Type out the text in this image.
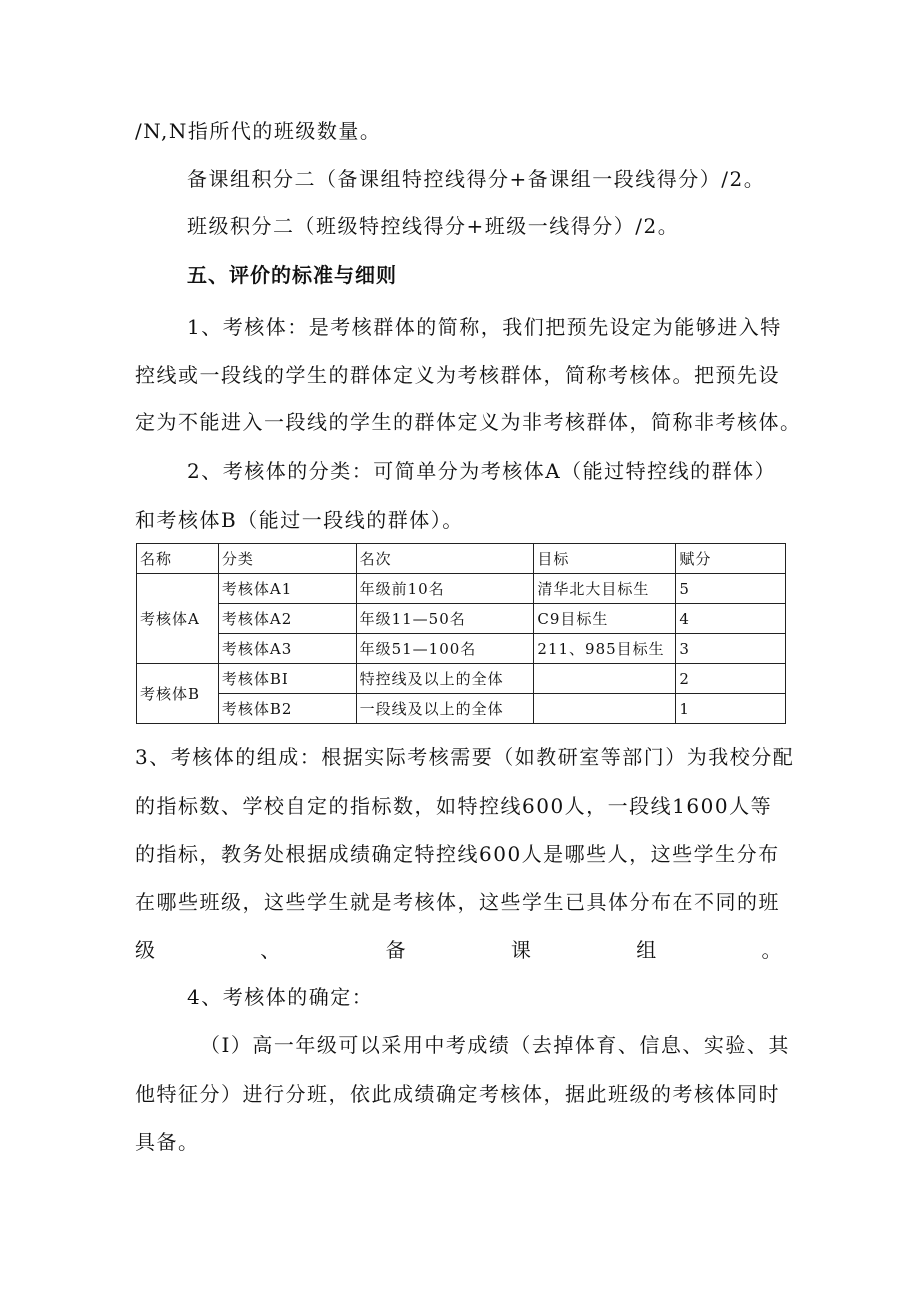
/N,N指所代的班级数量。
备课组积分二（备课组特控线得分+备课组一段线得分）/2。
班级积分二（班级特控线得分+班级一线得分）/2。
五、评价的标准与细则
1、考核体：是考核群体的简称，我们把预先设定为能够进入特
控线或一段线的学生的群体定义为考核群体，简称考核体。把预先设
定为不能进入一段线的学生的群体定义为非考核群体，简称非考核体。
2、考核体的分类：可简单分为考核体A（能过特控线的群体）
和考核体B（能过一段线的群体）。
名称	分类	名次	目标	赋分
考核体A	考核体A1	年级前10名	清华北大目标生	5
	考核体A2	年级11—50名	C9目标生	4
	考核体A3	年级51—100名	211、985目标生	3
考核体B	考核体BI	特控线及以上的全体		2
	考核体B2	一段线及以上的全体		1
3、考核体的组成：根据实际考核需要（如教研室等部门）为我校分配
的指标数、学校自定的指标数，如特控线600人，一段线1600人等
的指标，教务处根据成绩确定特控线600人是哪些人，这些学生分布
在哪些班级，这些学生就是考核体，这些学生已具体分布在不同的班
级	、	备	课	组	。
4、考核体的确定：
（I）高一年级可以采用中考成绩（去掉体育、信息、实验、其
他特征分）进行分班，依此成绩确定考核体，据此班级的考核体同时
具备。
